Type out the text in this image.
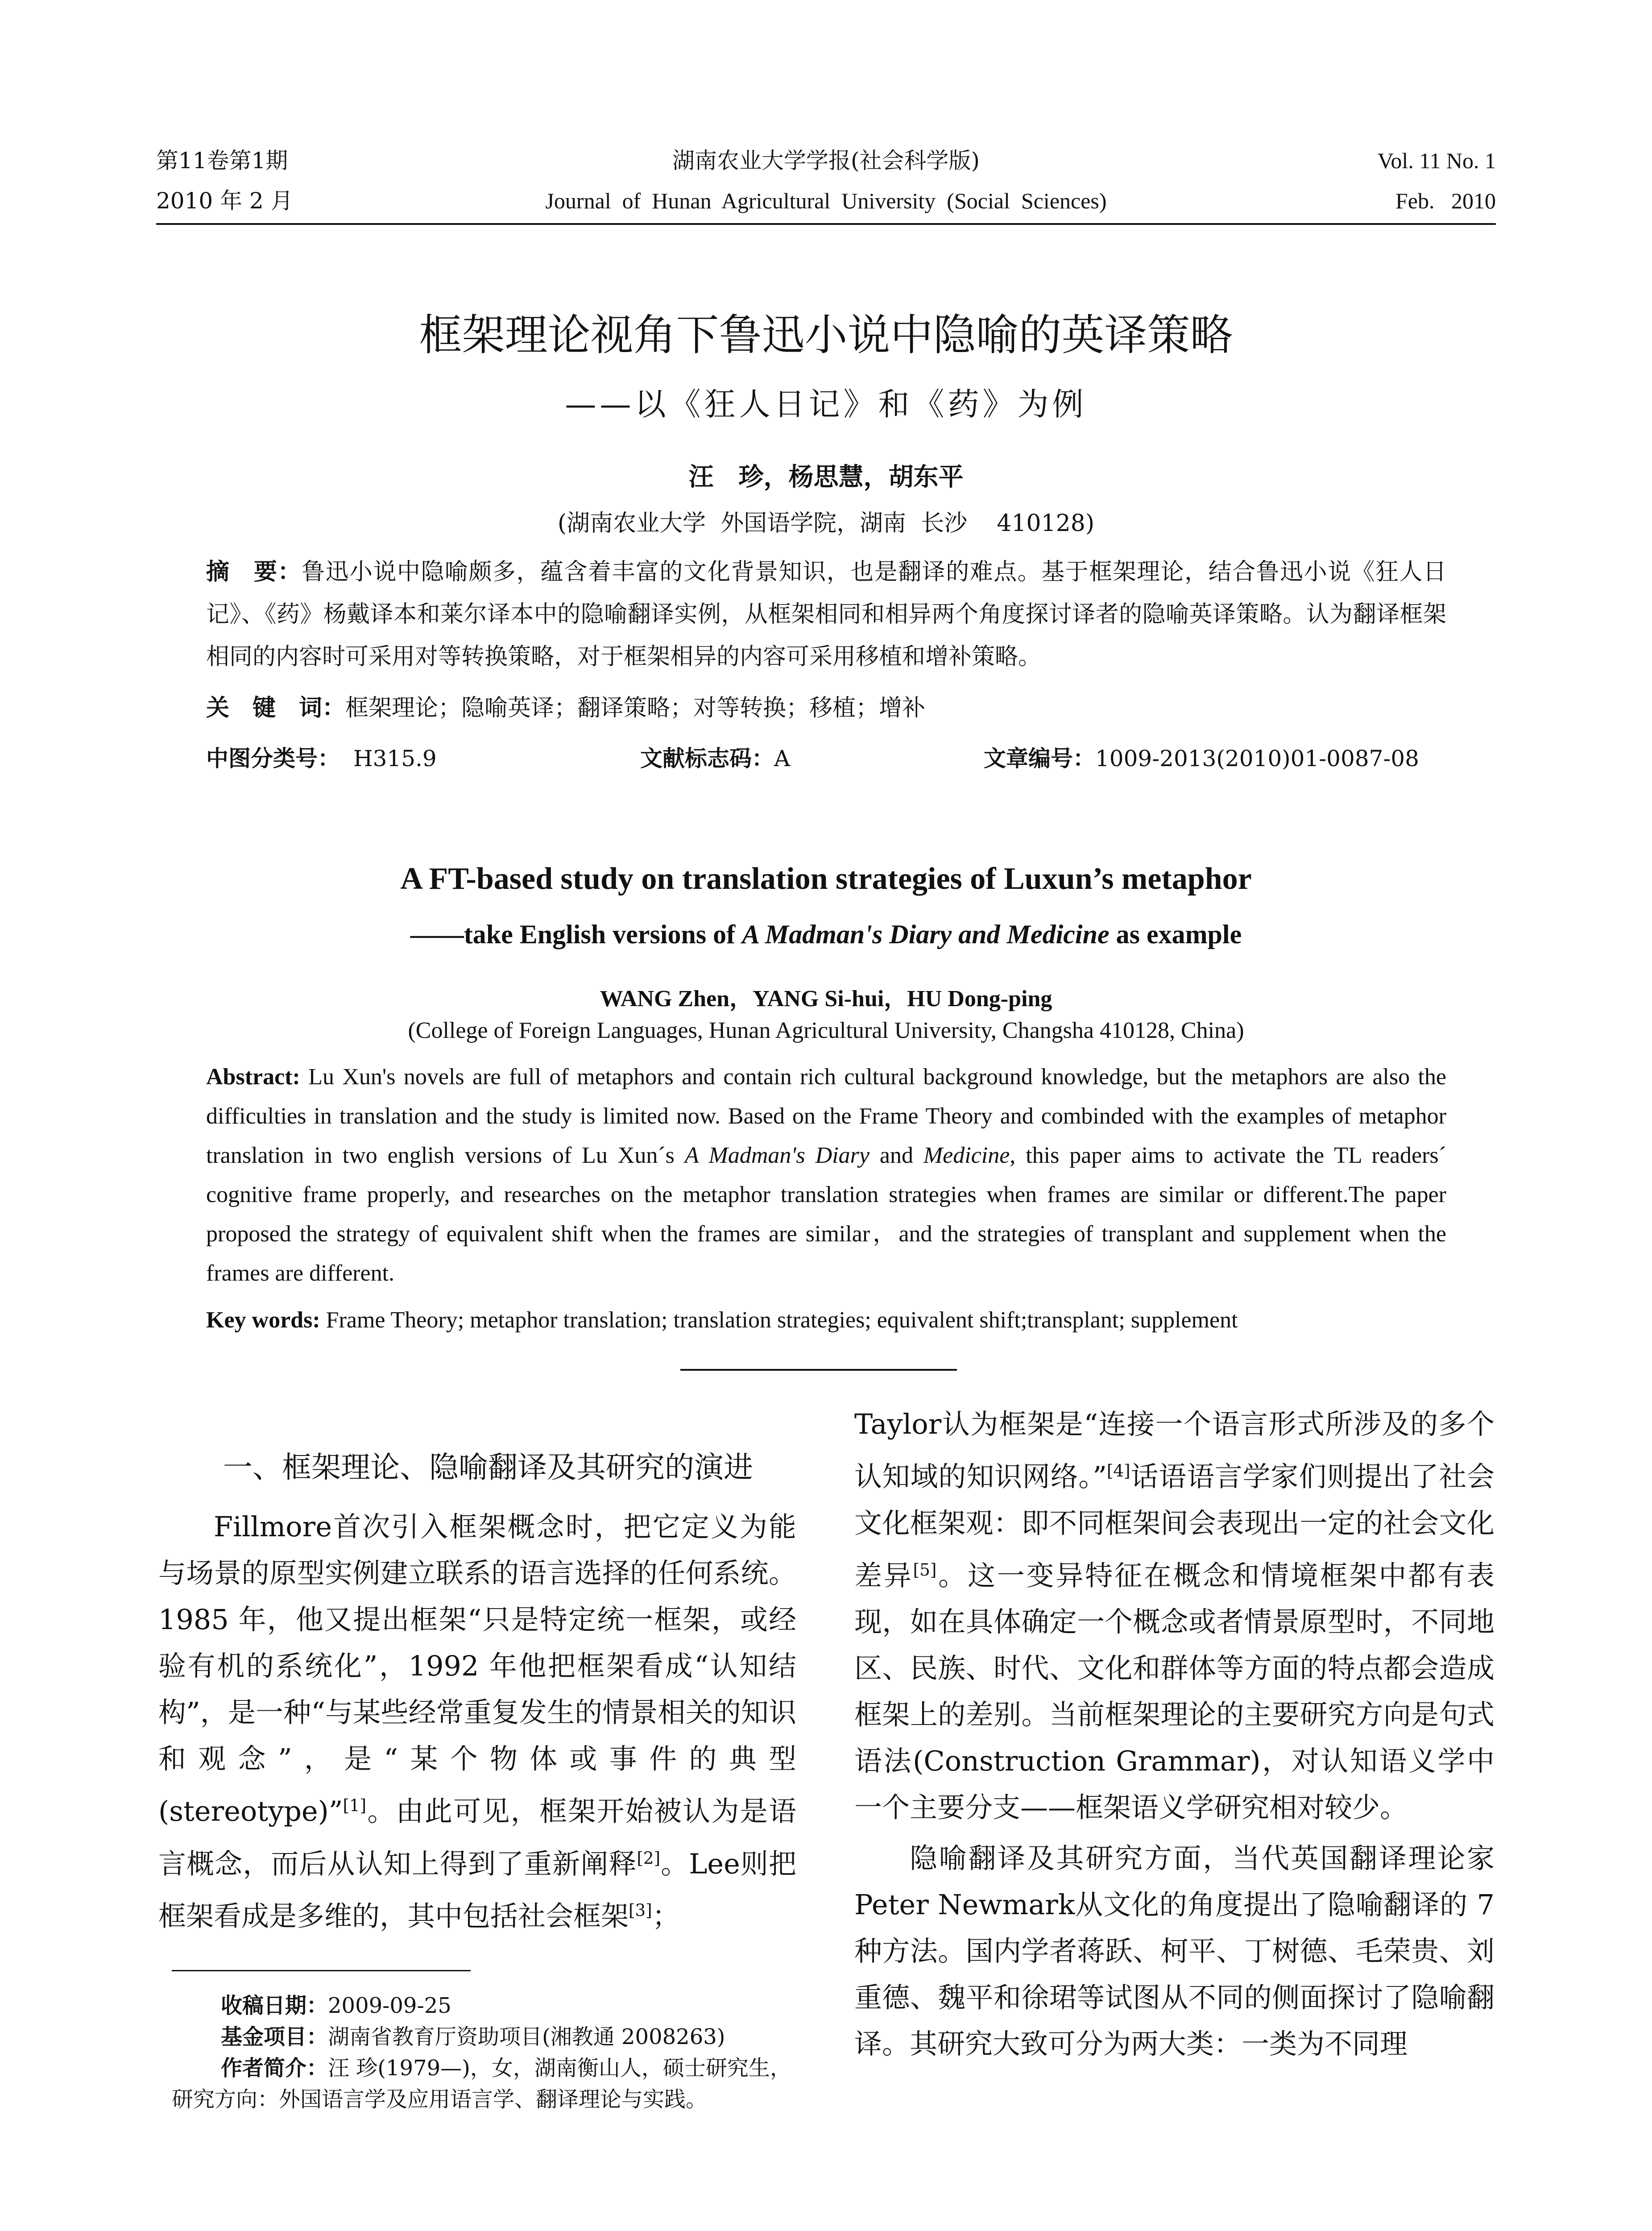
第11卷第1期
2010 年 2 月
湖南农业大学学报(社会科学版)
Journal  of  Hunan  Agricultural  University  (Social  Sciences)
Vol. 11 No. 1
Feb.   2010
框架理论视角下鲁迅小说中隐喻的英译策略
——以《狂人日记》和《药》为例
汪　珍，杨思慧，胡东平
(湖南农业大学  外国语学院，湖南  长沙    410128)
摘　要：鲁迅小说中隐喻颇多，蕴含着丰富的文化背景知识，也是翻译的难点。基于框架理论，结合鲁迅小说《狂人日记》、《药》杨戴译本和莱尔译本中的隐喻翻译实例，从框架相同和相异两个角度探讨译者的隐喻英译策略。认为翻译框架相同的内容时可采用对等转换策略，对于框架相异的内容可采用移植和增补策略。
关　键　词：框架理论；隐喻英译；翻译策略；对等转换；移植；增补
中图分类号： H315.9	文献标志码：A	文章编号：1009-2013(2010)01-0087-08
A FT-based study on translation strategies of Luxun’s metaphor
——take English versions of A Madman's Diary and Medicine as example
WANG Zhen，YANG Si-hui，HU Dong-ping
(College of Foreign Languages, Hunan Agricultural University, Changsha 410128, China)
Abstract: Lu Xun's novels are full of metaphors and contain rich cultural background knowledge, but the metaphors are also the difficulties in translation and the study is limited now. Based on the Frame Theory and combinded with the examples of metaphor translation in two english versions of Lu Xun´s A Madman's Diary and Medicine, this paper aims to activate the TL readers´ cognitive frame properly, and researches on the metaphor translation strategies when frames are similar or different.The paper proposed the strategy of equivalent shift when the frames are similar，and the strategies of transplant and supplement when the frames are different.
Key words: Frame Theory; metaphor translation; translation strategies; equivalent shift;transplant; supplement
一、框架理论、隐喻翻译及其研究的演进

Fillmore首次引入框架概念时，把它定义为能与场景的原型实例建立联系的语言选择的任何系统。1985 年，他又提出框架“只是特定统一框架，或经验有机的系统化”，1992 年他把框架看成“认知结构”，是一种“与某些经常重复发生的情景相关的知识和观念”，是“某个物体或事件的典型(stereotype)”[1]。由此可见，框架开始被认为是语言概念，而后从认知上得到了重新阐释[2]。Lee则把框架看成是多维的，其中包括社会框架[3]；

收稿日期：2009-09-25
基金项目：湖南省教育厅资助项目(湘教通 2008263)
作者简介：汪 珍(1979—)，女，湖南衡山人，硕士研究生，研究方向：外国语言学及应用语言学、翻译理论与实践。

Taylor认为框架是“连接一个语言形式所涉及的多个认知域的知识网络。”[4]话语语言学家们则提出了社会文化框架观：即不同框架间会表现出一定的社会文化差异[5]。这一变异特征在概念和情境框架中都有表现，如在具体确定一个概念或者情景原型时，不同地区、民族、时代、文化和群体等方面的特点都会造成框架上的差别。当前框架理论的主要研究方向是句式语法(Construction Grammar)，对认知语义学中一个主要分支——框架语义学研究相对较少。

隐喻翻译及其研究方面，当代英国翻译理论家Peter Newmark从文化的角度提出了隐喻翻译的 7 种方法。国内学者蒋跃、柯平、丁树德、毛荣贵、刘重德、魏平和徐珺等试图从不同的侧面探讨了隐喻翻译。其研究大致可分为两大类：一类为不同理
